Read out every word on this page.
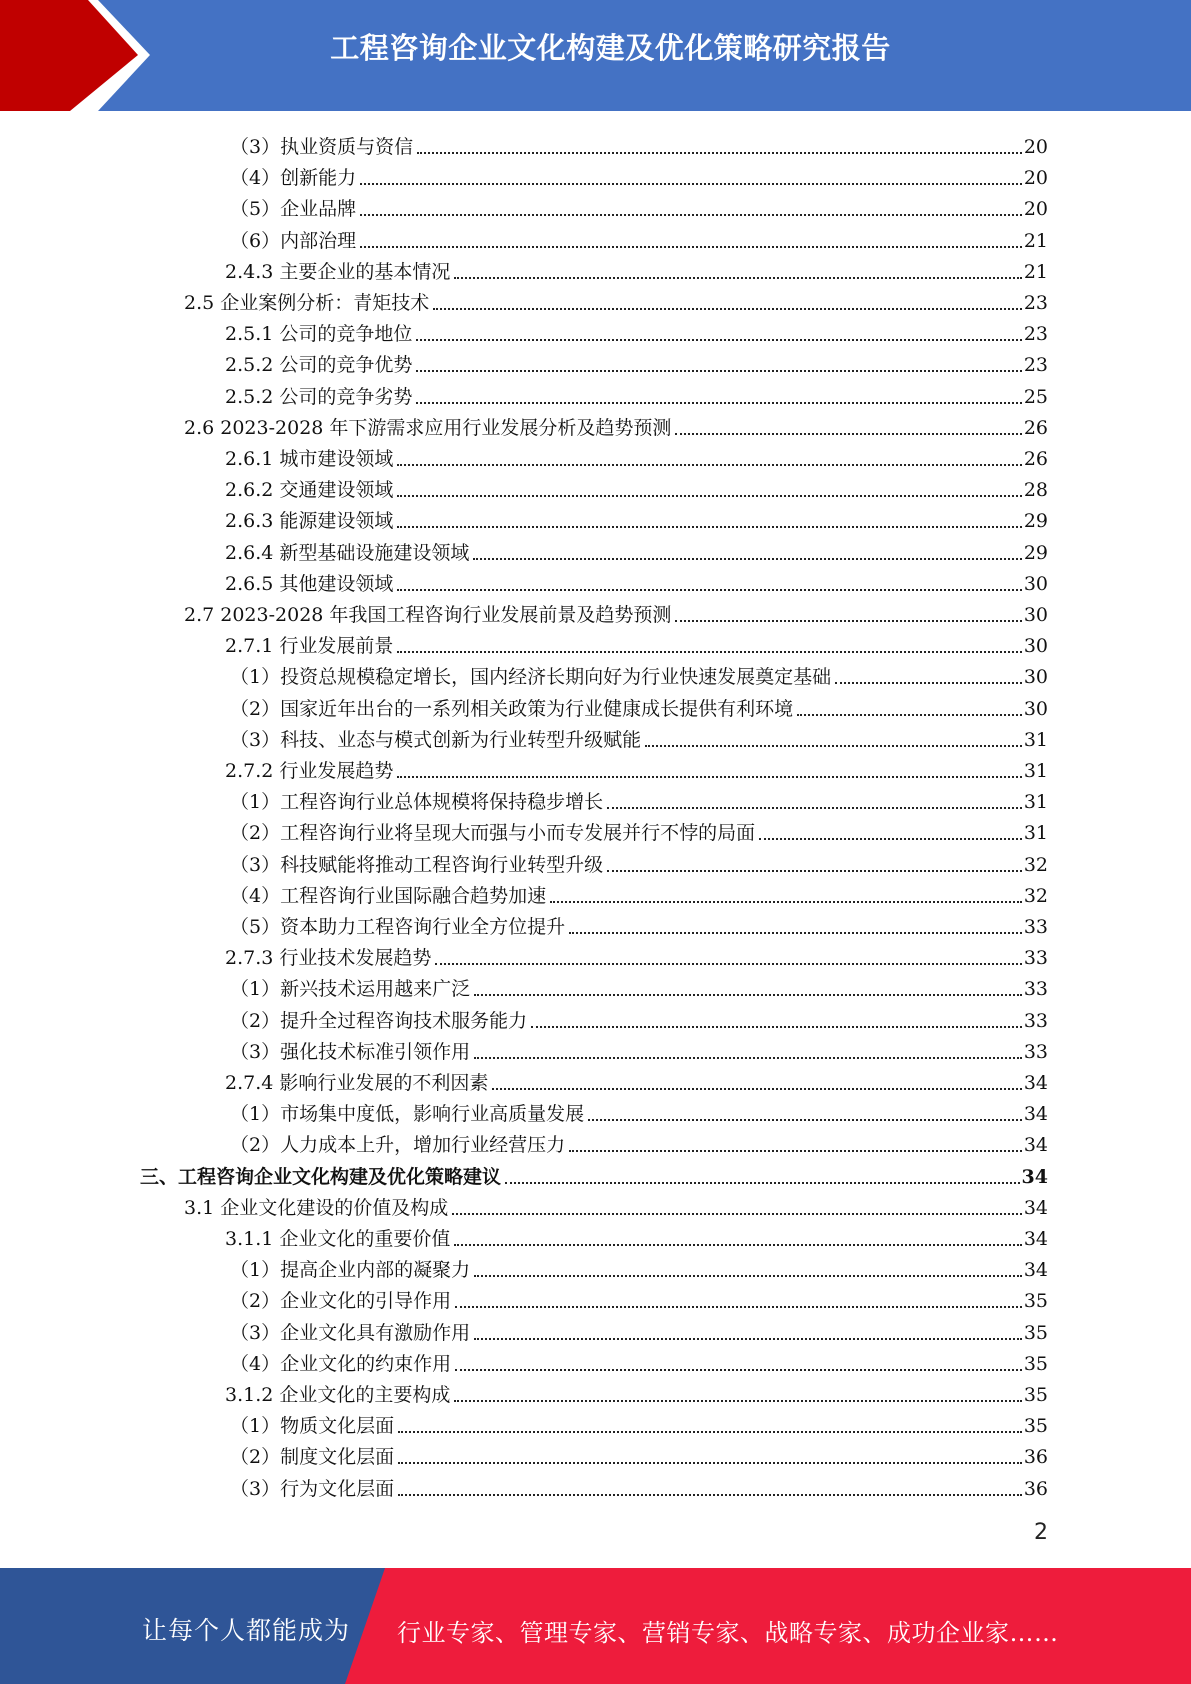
工程咨询企业文化构建及优化策略研究报告
（3）执业资质与资信	20
（4）创新能力	20
（5）企业品牌	20
（6）内部治理	21
2.4.3 主要企业的基本情况	21
2.5 企业案例分析：青矩技术	23
2.5.1 公司的竞争地位	23
2.5.2 公司的竞争优势	23
2.5.2 公司的竞争劣势	25
2.6 2023-2028 年下游需求应用行业发展分析及趋势预测	26
2.6.1 城市建设领域	26
2.6.2 交通建设领域	28
2.6.3 能源建设领域	29
2.6.4 新型基础设施建设领域	29
2.6.5 其他建设领域	30
2.7 2023-2028 年我国工程咨询行业发展前景及趋势预测	30
2.7.1 行业发展前景	30
（1）投资总规模稳定增长，国内经济长期向好为行业快速发展奠定基础	30
（2）国家近年出台的一系列相关政策为行业健康成长提供有利环境	30
（3）科技、业态与模式创新为行业转型升级赋能	31
2.7.2 行业发展趋势	31
（1）工程咨询行业总体规模将保持稳步增长	31
（2）工程咨询行业将呈现大而强与小而专发展并行不悖的局面	31
（3）科技赋能将推动工程咨询行业转型升级	32
（4）工程咨询行业国际融合趋势加速	32
（5）资本助力工程咨询行业全方位提升	33
2.7.3 行业技术发展趋势	33
（1）新兴技术运用越来广泛	33
（2）提升全过程咨询技术服务能力	33
（3）强化技术标准引领作用	33
2.7.4 影响行业发展的不利因素	34
（1）市场集中度低，影响行业高质量发展	34
（2）人力成本上升，增加行业经营压力	34
三、工程咨询企业文化构建及优化策略建议	34
3.1 企业文化建设的价值及构成	34
3.1.1 企业文化的重要价值	34
（1）提高企业内部的凝聚力	34
（2）企业文化的引导作用	35
（3）企业文化具有激励作用	35
（4）企业文化的约束作用	35
3.1.2 企业文化的主要构成	35
（1）物质文化层面	35
（2）制度文化层面	36
（3）行为文化层面	36
2
让每个人都能成为 行业专家、管理专家、营销专家、战略专家、成功企业家……
